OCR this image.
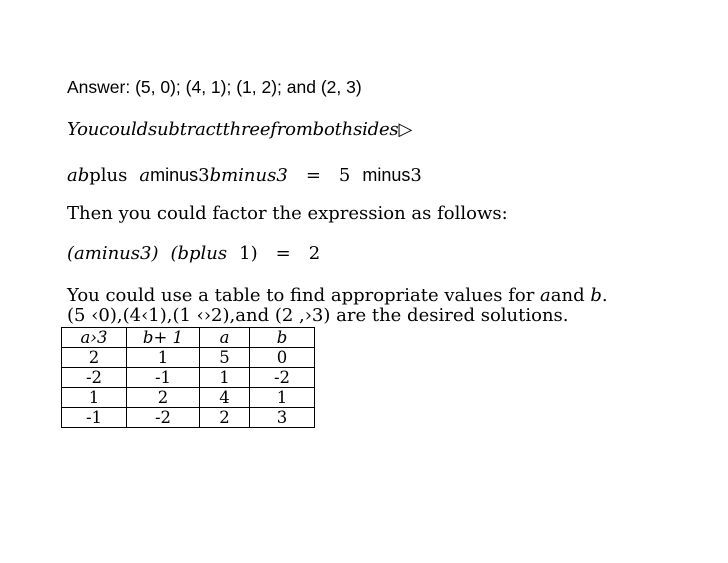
Answer: (5, 0); (4, 1); (1, 2); and (2, 3)
Youcouldsubtractthreefrombothsides▷
abplus aminus3bminus3 = 5 minus3
Then you could factor the expression as follows:
(aminus3) (bplus 1) = 2
You could use a table to find appropriate values for aand b.
(5 ‹0),(4‹1),(1 ‹›2),and (2 ,›3) are the desired solutions.
a›3	b+ 1	a	b
2	1	5	0
-2	-1	1	-2
1	2	4	1
-1	-2	2	3
